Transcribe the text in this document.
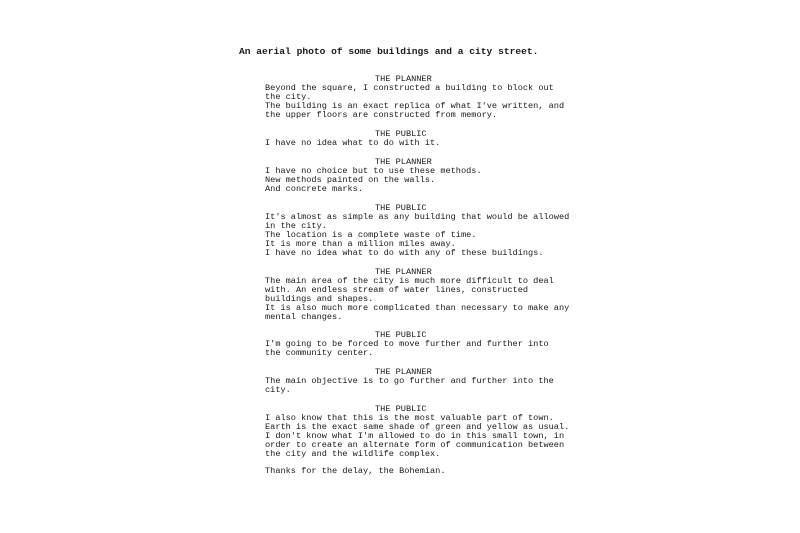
An aerial photo of some buildings and a city street.
THE PLANNER
Beyond the square, I constructed a building to block out
the city.
The building is an exact replica of what I've written, and
the upper floors are constructed from memory.
THE PUBLIC
I have no idea what to do with it.
THE PLANNER
I have no choice but to use these methods.
New methods painted on the walls.
And concrete marks.
THE PUBLIC
It's almost as simple as any building that would be allowed
in the city.
The location is a complete waste of time.
It is more than a million miles away.
I have no idea what to do with any of these buildings.
THE PLANNER
The main area of the city is much more difficult to deal
with. An endless stream of water lines, constructed
buildings and shapes.
It is also much more complicated than necessary to make any
mental changes.
THE PUBLIC
I'm going to be forced to move further and further into
the community center.
THE PLANNER
The main objective is to go further and further into the
city.
THE PUBLIC
I also know that this is the most valuable part of town.
Earth is the exact same shade of green and yellow as usual.
I don't know what I'm allowed to do in this small town, in
order to create an alternate form of communication between
the city and the wildlife complex.
Thanks for the delay, the Bohemian.
